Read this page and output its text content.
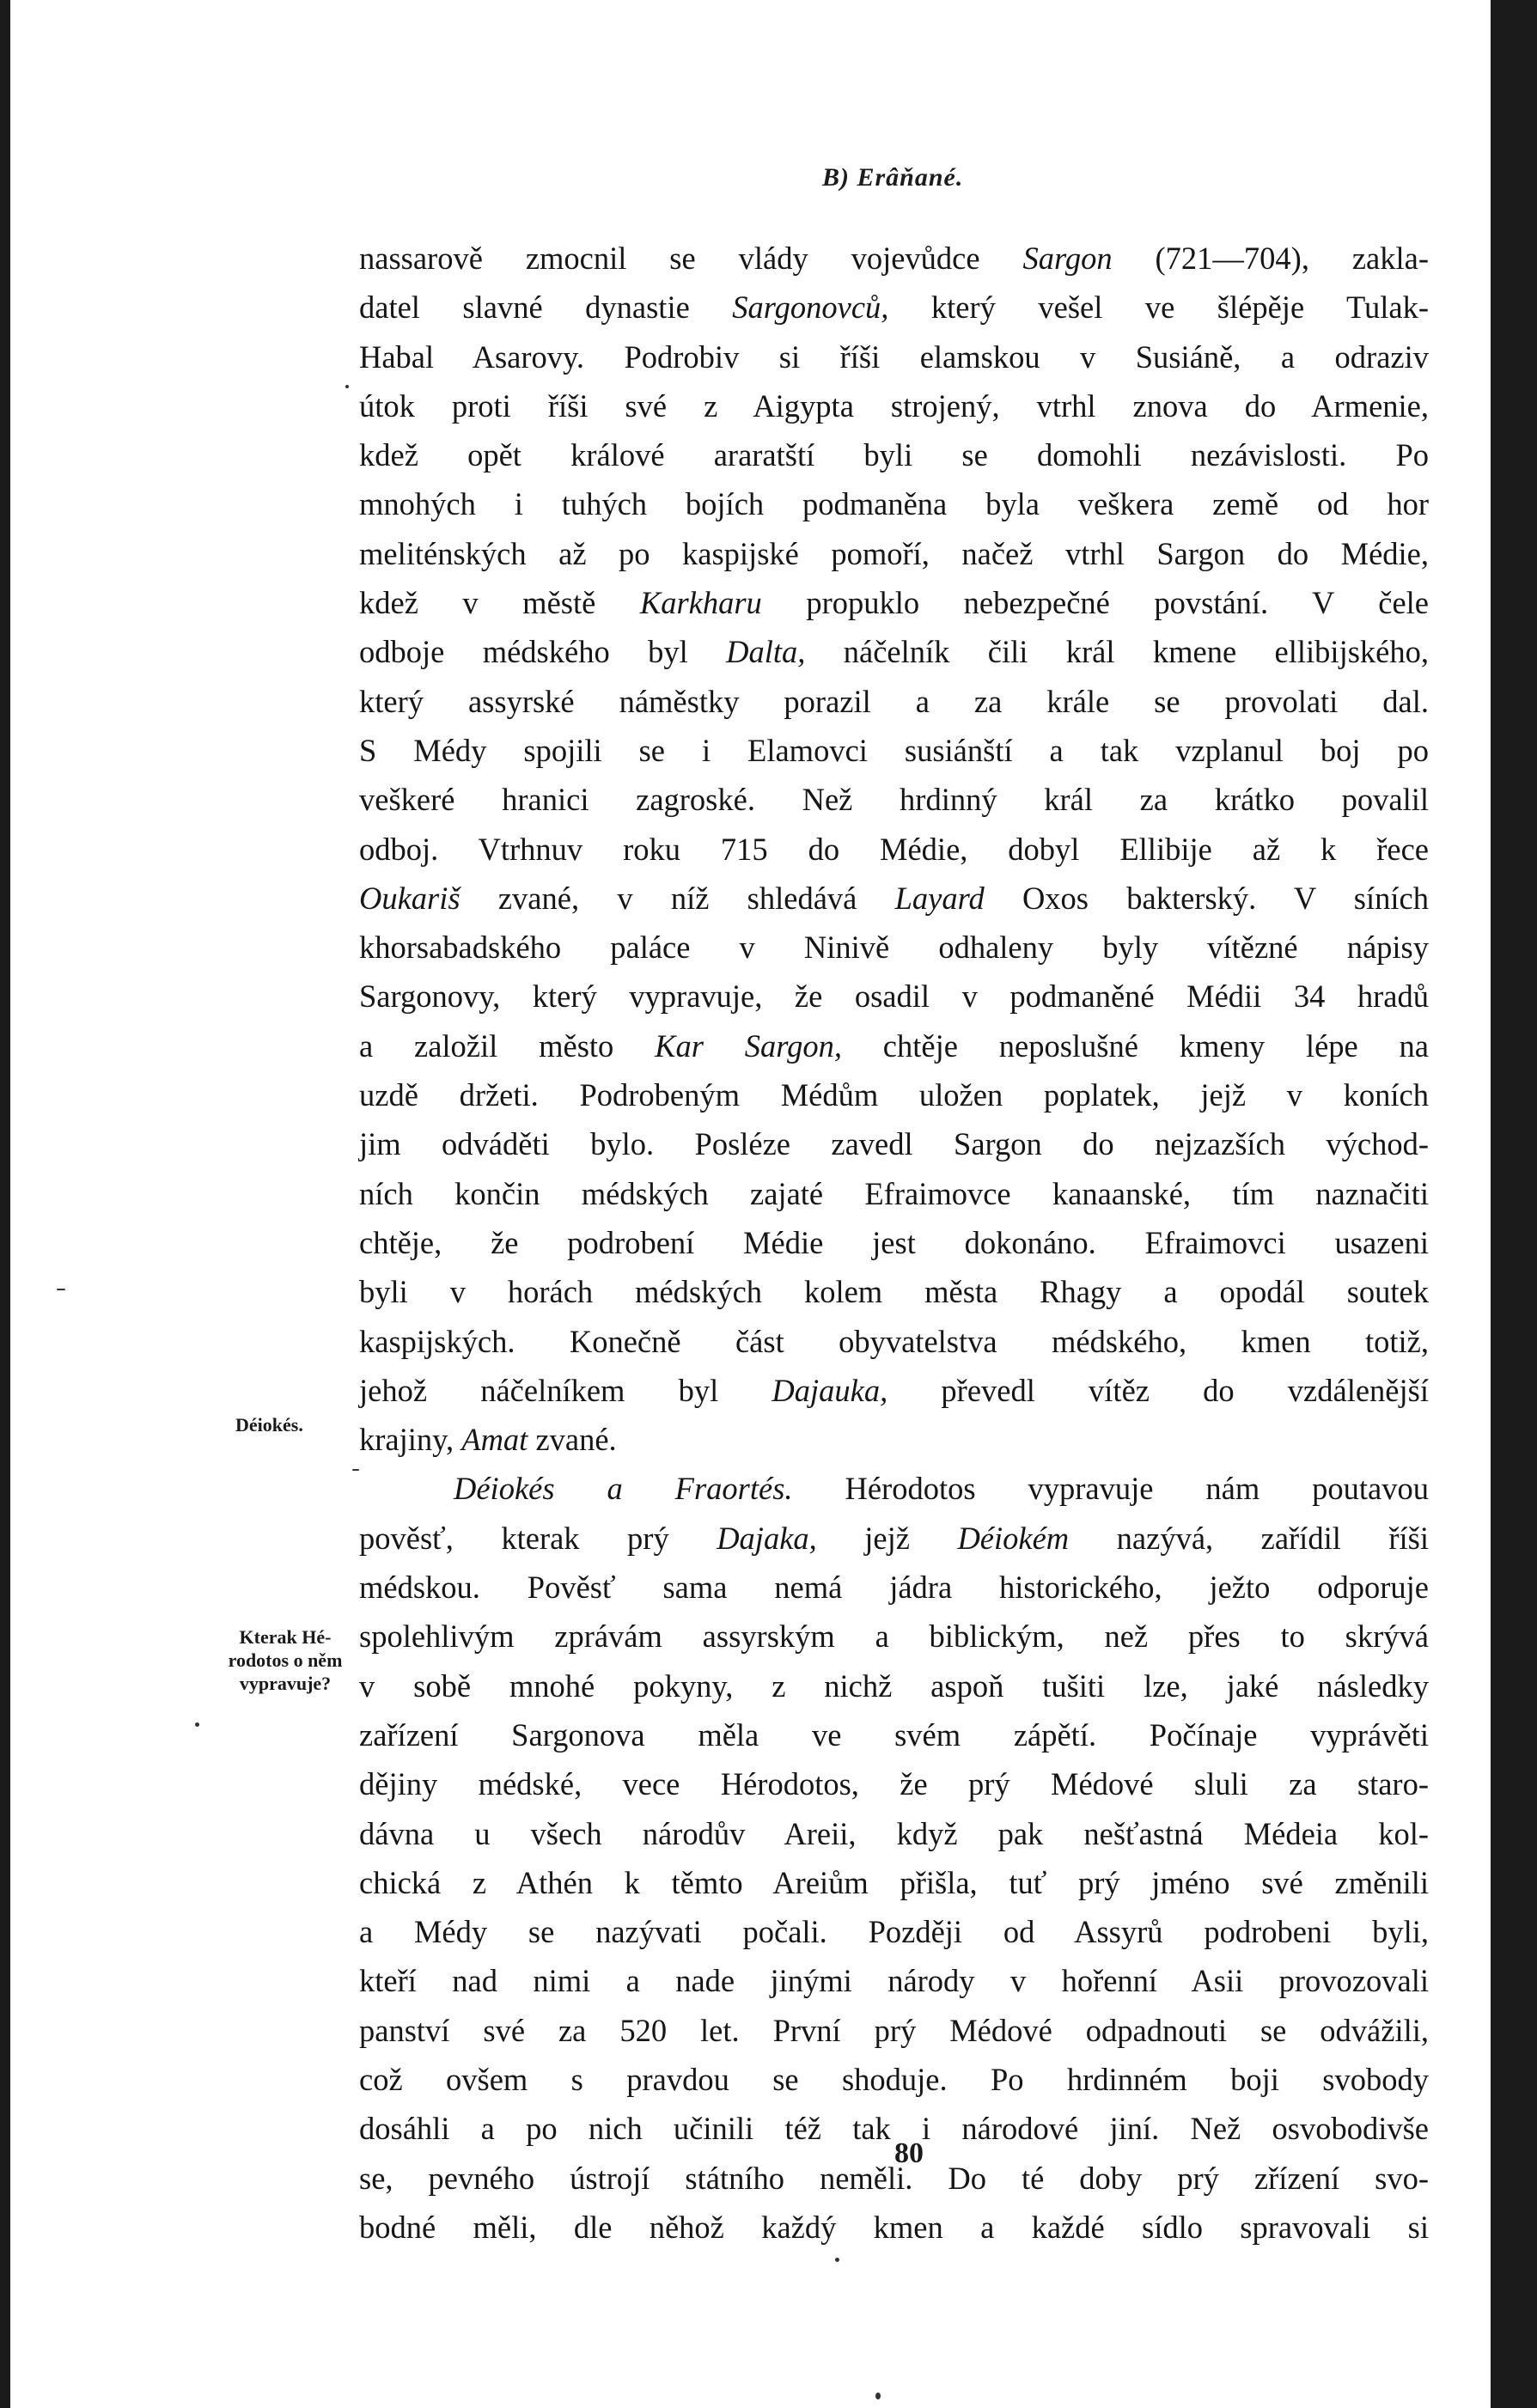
B) Erâňané.
nassarově zmocnil se vlády vojevůdce Sargon (721—704), zakla-
datel slavné dynastie Sargonovců, který vešel ve šlépěje Tulak-
Habal Asarovy. Podrobiv si říši elamskou v Susiáně, a odraziv
útok proti říši své z Aigypta strojený, vtrhl znova do Armenie,
kdež opět králové araratští byli se domohli nezávislosti. Po
mnohých i tuhých bojích podmaněna byla veškera země od hor
meliténských až po kaspijské pomoří, načež vtrhl Sargon do Médie,
kdež v městě Karkharu propuklo nebezpečné povstání. V čele
odboje médského byl Dalta, náčelník čili král kmene ellibijského,
který assyrské náměstky porazil a za krále se provolati dal.
S Médy spojili se i Elamovci susiánští a tak vzplanul boj po
veškeré hranici zagroské. Než hrdinný král za krátko povalil
odboj. Vtrhnuv roku 715 do Médie, dobyl Ellibije až k řece
Oukariš zvané, v níž shledává Layard Oxos bakterský. V síních
khorsabadského paláce v Ninivě odhaleny byly vítězné nápisy
Sargonovy, který vypravuje, že osadil v podmaněné Médii 34 hradů
a založil město Kar Sargon, chtěje neposlušné kmeny lépe na
uzdě držeti. Podrobeným Médům uložen poplatek, jejž v koních
jim odváděti bylo. Posléze zavedl Sargon do nejzazších východ-
ních končin médských zajaté Efraimovce kanaanské, tím naznačiti
chtěje, že podrobení Médie jest dokonáno. Efraimovci usazeni
byli v horách médských kolem města Rhagy a opodál soutek
kaspijských. Konečně část obyvatelstva médského, kmen totiž,
jehož náčelníkem byl Dajauka, převedl vítěz do vzdálenější
krajiny, Amat zvané.
Déiokés a Fraortés. Hérodotos vypravuje nám poutavou
pověsť, kterak prý Dajaka, jejž Déiokém nazývá, zařídil říši
médskou. Pověsť sama nemá jádra historického, ježto odporuje
spolehlivým zprávám assyrským a biblickým, než přes to skrývá
v sobě mnohé pokyny, z nichž aspoň tušiti lze, jaké následky
zařízení Sargonova měla ve svém zápětí. Počínaje vyprávěti
dějiny médské, vece Hérodotos, že prý Médové sluli za staro-
dávna u všech národův Areii, když pak nešťastná Médeia kol-
chická z Athén k těmto Areiům přišla, tuť prý jméno své změnili
a Médy se nazývati počali. Později od Assyrů podrobeni byli,
kteří nad nimi a nade jinými národy v hořenní Asii provozovali
panství své za 520 let. První prý Médové odpadnouti se odvážili,
což ovšem s pravdou se shoduje. Po hrdinném boji svobody
dosáhli a po nich učinili též tak i národové jiní. Než osvobodivše
se, pevného ústrojí státního neměli. Do té doby prý zřízení svo-
bodné měli, dle něhož každý kmen a každé sídlo spravovali si
Déiokés.
Kterak Hé-
rodotos o něm
vypravuje?
80
